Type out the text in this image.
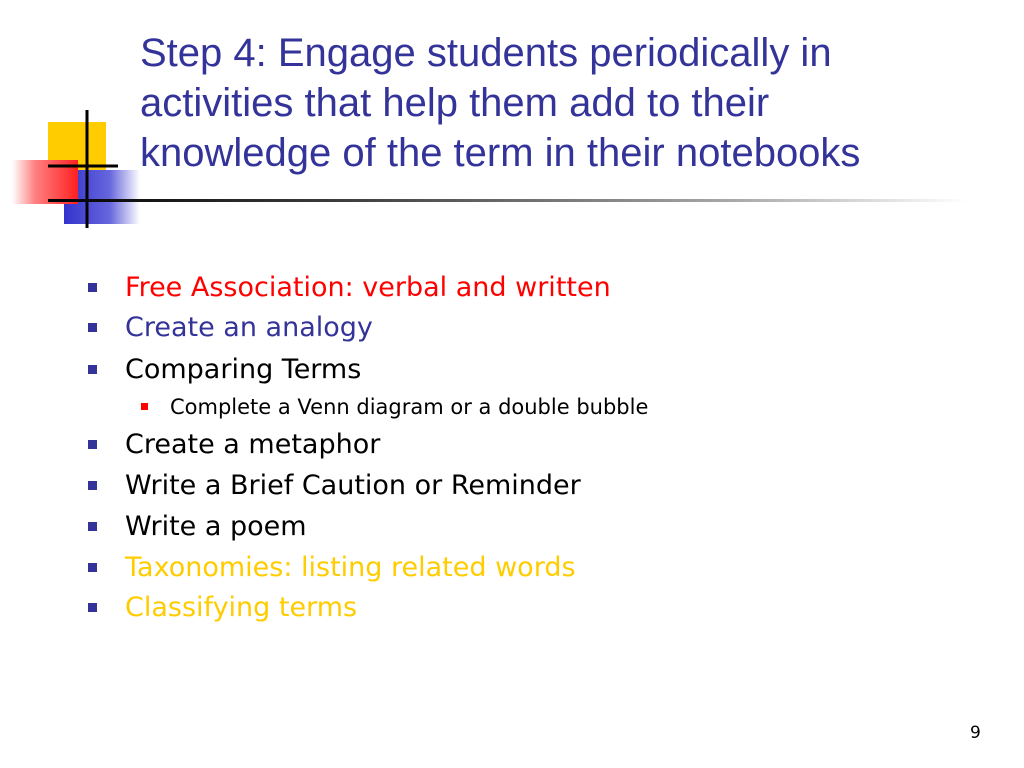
Step 4: Engage students periodically in
activities that help them add to their
knowledge of the term in their notebooks
Free Association: verbal and written
Create an analogy
Comparing Terms
Complete a Venn diagram or a double bubble
Create a metaphor
Write a Brief Caution or Reminder
Write a poem
Taxonomies: listing related words
Classifying terms
9
